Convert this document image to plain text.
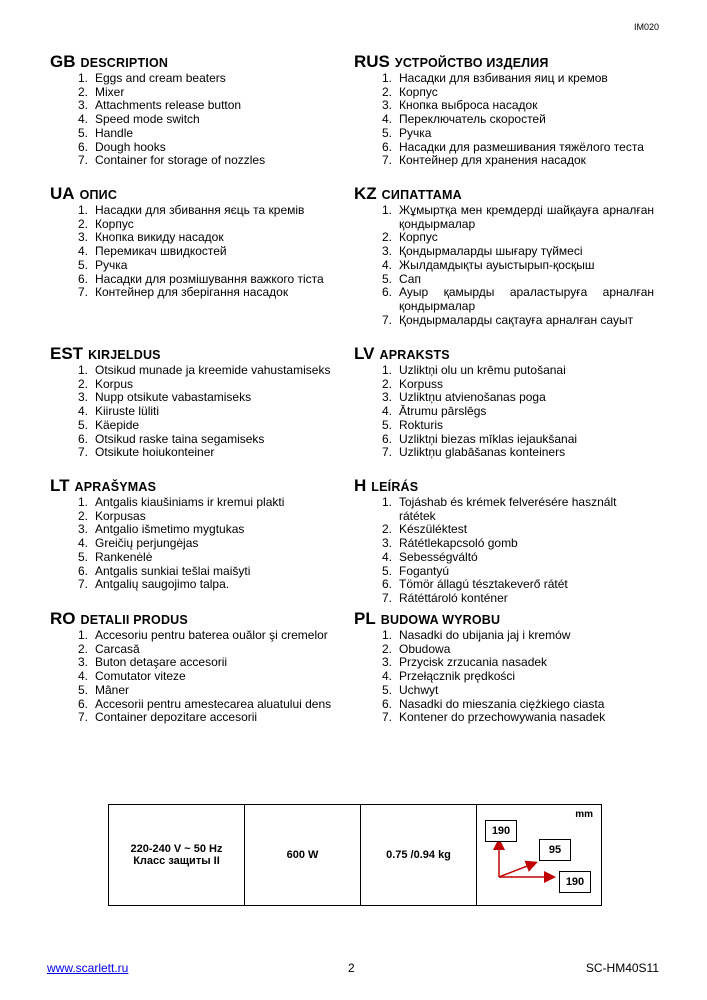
IM020
GB DESCRIPTION
1. Eggs and cream beaters
2. Mixer
3. Attachments release button
4. Speed mode switch
5. Handle
6. Dough hooks
7. Container for storage of nozzles
RUS УСТРОЙСТВО ИЗДЕЛИЯ
1. Насадки для взбивания яиц и кремов
2. Корпус
3. Кнопка выброса насадок
4. Переключатель скоростей
5. Ручка
6. Насадки для размешивания тяжёлого теста
7. Контейнер для хранения насадок
UA ОПИС
1. Насадки для збивання яєць та кремів
2. Корпус
3. Кнопка викиду насадок
4. Перемикач швидкостей
5. Ручка
6. Насадки для розмішування важкого тіста
7. Контейнер для зберігання насадок
KZ СИПАТТАМА
1. Жұмыртқа мен кремдерді шайқауға арналған қондырмалар
2. Корпус
3. Қондырмаларды шығару түймесі
4. Жылдамдықты ауыстырып-қосқыш
5. Сап
6. Ауыр қамырды араластыруға арналған қондырмалар
7. Қондырмаларды сақтауға арналған сауыт
EST KIRJELDUS
1. Otsikud munade ja kreemide vahustamiseks
2. Korpus
3. Nupp otsikute vabastamiseks
4. Kiiruste lüliti
5. Käepide
6. Otsikud raske taina segamiseks
7. Otsikute hoiukonteiner
LV APRAKSTS
1. Uzliktņi olu un krēmu putošanai
2. Korpuss
3. Uzliktņu atvienošanas poga
4. Ātrumu pārslēgs
5. Rokturis
6. Uzliktņi biezas mīklas iejaukšanai
7. Uzliktņu glabāšanas konteiners
LT APRAŠYMAS
1. Antgalis kiaušiniams ir kremui plakti
2. Korpusas
3. Antgalio išmetimo mygtukas
4. Greičių perjungėjas
5. Rankenėlė
6. Antgalis sunkiai tešlai maišyti
7. Antgalių saugojimo talpa.
H LEÍRÁS
1. Tojáshab és krémek felverésére használt rátétek
2. Készüléktest
3. Rátétlekapcsoló gomb
4. Sebességváltó
5. Fogantyú
6. Tömör állagú tésztakeverő rátét
7. Rátéttároló konténer
RO DETALII PRODUS
1. Accesoriu pentru baterea ouălor şi cremelor
2. Carcasă
3. Buton detaşare accesorii
4. Comutator viteze
5. Mâner
6. Accesorii pentru amestecarea aluatului dens
7. Container depozitare accesorii
PL BUDOWA WYROBU
1. Nasadki do ubijania jaj i kremów
2. Obudowa
3. Przycisk zrzucania nasadek
4. Przełącznik prędkości
5. Uchwyt
6. Nasadki do mieszania ciężkiego ciasta
7. Kontener do przechowywania nasadek
220-240 V ~ 50 Hz
Класс защиты II	600 W	0.75 /0.94 kg	
mm
190
95
190
www.scarlett.ru	2	SC-HM40S11
